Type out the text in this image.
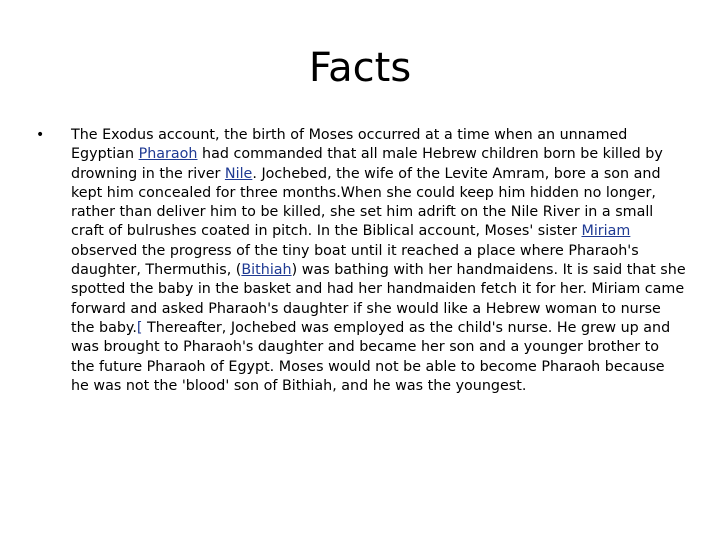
Facts
• The Exodus account, the birth of Moses occurred at a time when an unnamed Egyptian Pharaoh had commanded that all male Hebrew children born be killed by drowning in the river Nile. Jochebed, the wife of the Levite Amram, bore a son and kept him concealed for three months.When she could keep him hidden no longer, rather than deliver him to be killed, she set him adrift on the Nile River in a small craft of bulrushes coated in pitch. In the Biblical account, Moses' sister Miriam observed the progress of the tiny boat until it reached a place where Pharaoh's daughter, Thermuthis, (Bithiah) was bathing with her handmaidens. It is said that she spotted the baby in the basket and had her handmaiden fetch it for her. Miriam came forward and asked Pharaoh's daughter if she would like a Hebrew woman to nurse the baby.[ Thereafter, Jochebed was employed as the child's nurse. He grew up and was brought to Pharaoh's daughter and became her son and a younger brother to the future Pharaoh of Egypt. Moses would not be able to become Pharaoh because he was not the 'blood' son of Bithiah, and he was the youngest.
